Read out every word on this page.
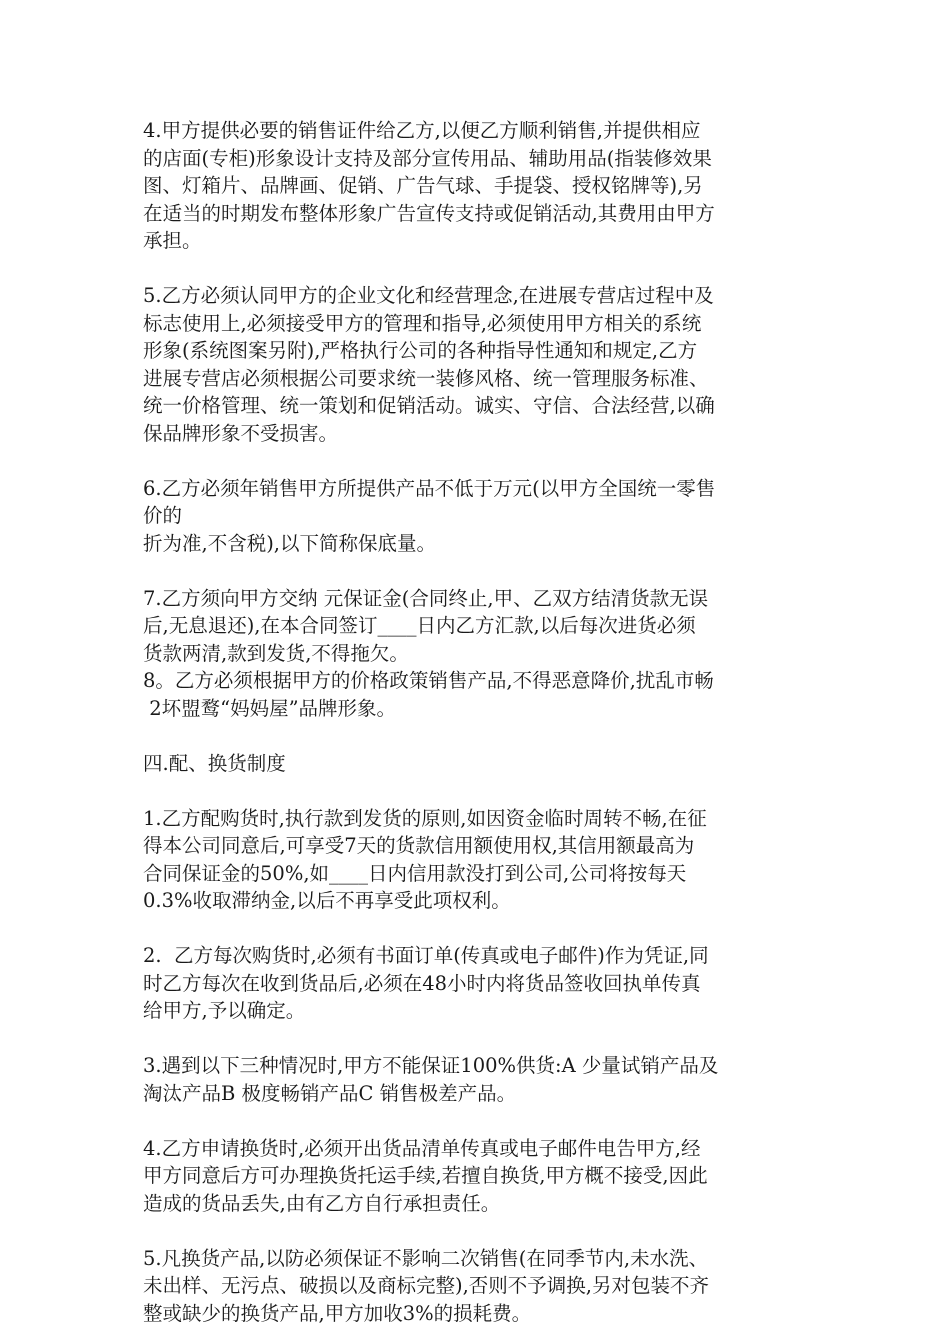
4.甲方提供必要的销售证件给乙方,以便乙方顺利销售,并提供相应
的店面(专柜)形象设计支持及部分宣传用品、辅助用品(指装修效果
图、灯箱片、品牌画、促销、广告气球、手提袋、授权铭牌等),另
在适当的时期发布整体形象广告宣传支持或促销活动,其费用由甲方
承担。
5.乙方必须认同甲方的企业文化和经营理念,在进展专营店过程中及
标志使用上,必须接受甲方的管理和指导,必须使用甲方相关的系统
形象(系统图案另附),严格执行公司的各种指导性通知和规定,乙方
进展专营店必须根据公司要求统一装修风格、统一管理服务标准、
统一价格管理、统一策划和促销活动。诚实、守信、合法经营,以确
保品牌形象不受损害。
6.乙方必须年销售甲方所提供产品不低于万元(以甲方全国统一零售
价的
折为准,不含税),以下简称保底量。
7.乙方须向甲方交纳 元保证金(合同终止,甲、乙双方结清货款无误
后,无息退还),在本合同签订____日内乙方汇款,以后每次进货必须
货款两清,款到发货,不得拖欠。
8。乙方必须根据甲方的价格政策销售产品,不得恶意降价,扰乱市畅
2坏盟鹜“妈妈屋”品牌形象。
四.配、换货制度
1.乙方配购货时,执行款到发货的原则,如因资金临时周转不畅,在征
得本公司同意后,可享受7天的货款信用额使用权,其信用额最高为
合同保证金的50%,如____日内信用款没打到公司,公司将按每天
0.3%收取滞纳金,以后不再享受此项权利。
2.  乙方每次购货时,必须有书面订单(传真或电子邮件)作为凭证,同
时乙方每次在收到货品后,必须在48小时内将货品签收回执单传真
给甲方,予以确定。
3.遇到以下三种情况时,甲方不能保证100%供货:A 少量试销产品及
淘汰产品B 极度畅销产品C 销售极差产品。
4.乙方申请换货时,必须开出货品清单传真或电子邮件电告甲方,经
甲方同意后方可办理换货托运手续,若擅自换货,甲方概不接受,因此
造成的货品丢失,由有乙方自行承担责任。
5.凡换货产品,以防必须保证不影响二次销售(在同季节内,未水洗、
未出样、无污点、破损以及商标完整),否则不予调换,另对包装不齐
整或缺少的换货产品,甲方加收3%的损耗费。
